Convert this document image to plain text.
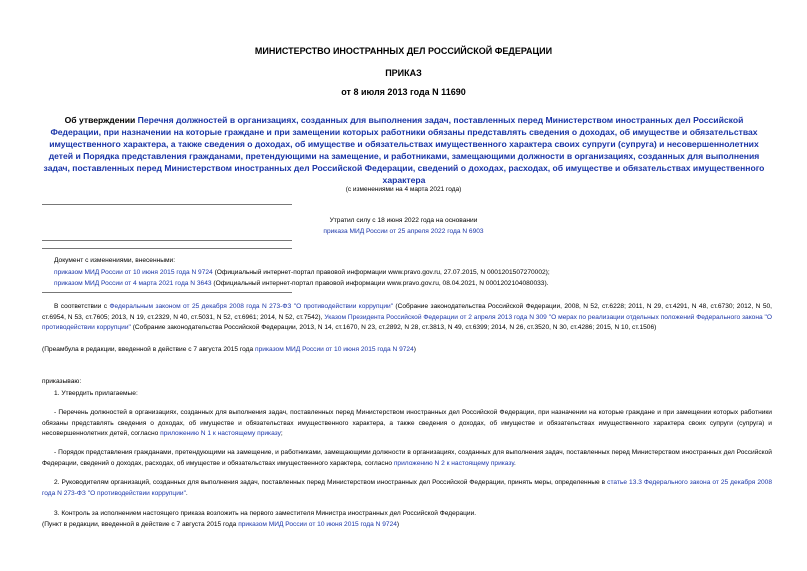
МИНИСТЕРСТВО ИНОСТРАННЫХ ДЕЛ РОССИЙСКОЙ ФЕДЕРАЦИИ
ПРИКАЗ
от 8 июля 2013 года N 11690
Об утверждении Перечня должностей в организациях, созданных для выполнения задач, поставленных перед Министерством иностранных дел Российской Федерации, при назначении на которые граждане и при замещении которых работники обязаны представлять сведения о доходах, об имуществе и обязательствах имущественного характера, а также сведения о доходах, об имуществе и обязательствах имущественного характера своих супруги (супруга) и несовершеннолетних детей и Порядка представления гражданами, претендующими на замещение, и работниками, замещающими должности в организациях, созданных для выполнения задач, поставленных перед Министерством иностранных дел Российской Федерации, сведений о доходах, расходах, об имуществе и обязательствах имущественного характера
(с изменениями на 4 марта 2021 года)
Утратил силу с 18 июня 2022 года на основании
приказа МИД России от 25 апреля 2022 года N 6903
Документ с изменениями, внесенными:
приказом МИД России от 10 июня 2015 года N 9724 (Официальный интернет-портал правовой информации www.pravo.gov.ru, 27.07.2015, N 0001201507270002);
приказом МИД России от 4 марта 2021 года N 3643 (Официальный интернет-портал правовой информации www.pravo.gov.ru, 08.04.2021, N 0001202104080033).
В соответствии с Федеральным законом от 25 декабря 2008 года N 273-ФЗ "О противодействии коррупции" (Собрание законодательства Российской Федерации, 2008, N 52, ст.6228; 2011, N 29, ст.4291, N 48, ст.6730; 2012, N 50, ст.6954, N 53, ст.7605; 2013, N 19, ст.2329, N 40, ст.5031, N 52, ст.6961; 2014, N 52, ст.7542), Указом Президента Российской Федерации от 2 апреля 2013 года N 309 "О мерах по реализации отдельных положений Федерального закона "О противодействии коррупции" (Собрание законодательства Российской Федерации, 2013, N 14, ст.1670, N 23, ст.2892, N 28, ст.3813, N 49, ст.6399; 2014, N 26, ст.3520, N 30, ст.4286; 2015, N 10, ст.1506)
(Преамбула в редакции, введенной в действие с 7 августа 2015 года приказом МИД России от 10 июня 2015 года N 9724)
приказываю:
1. Утвердить прилагаемые:
- Перечень должностей в организациях, созданных для выполнения задач, поставленных перед Министерством иностранных дел Российской Федерации, при назначении на которые граждане и при замещении которых работники обязаны представлять сведения о доходах, об имуществе и обязательствах имущественного характера, а также сведения о доходах, об имуществе и обязательствах имущественного характера своих супруги (супруга) и несовершеннолетних детей, согласно приложению N 1 к настоящему приказу;
- Порядок представления гражданами, претендующими на замещение, и работниками, замещающими должности в организациях, созданных для выполнения задач, поставленных перед Министерством иностранных дел Российской Федерации, сведений о доходах, расходах, об имуществе и обязательствах имущественного характера, согласно приложению N 2 к настоящему приказу.
2. Руководителям организаций, созданных для выполнения задач, поставленных перед Министерством иностранных дел Российской Федерации, принять меры, определенные в статье 13.3 Федерального закона от 25 декабря 2008 года N 273-ФЗ "О противодействии коррупции".
3. Контроль за исполнением настоящего приказа возложить на первого заместителя Министра иностранных дел Российской Федерации.
(Пункт в редакции, введенной в действие с 7 августа 2015 года приказом МИД России от 10 июня 2015 года N 9724)
